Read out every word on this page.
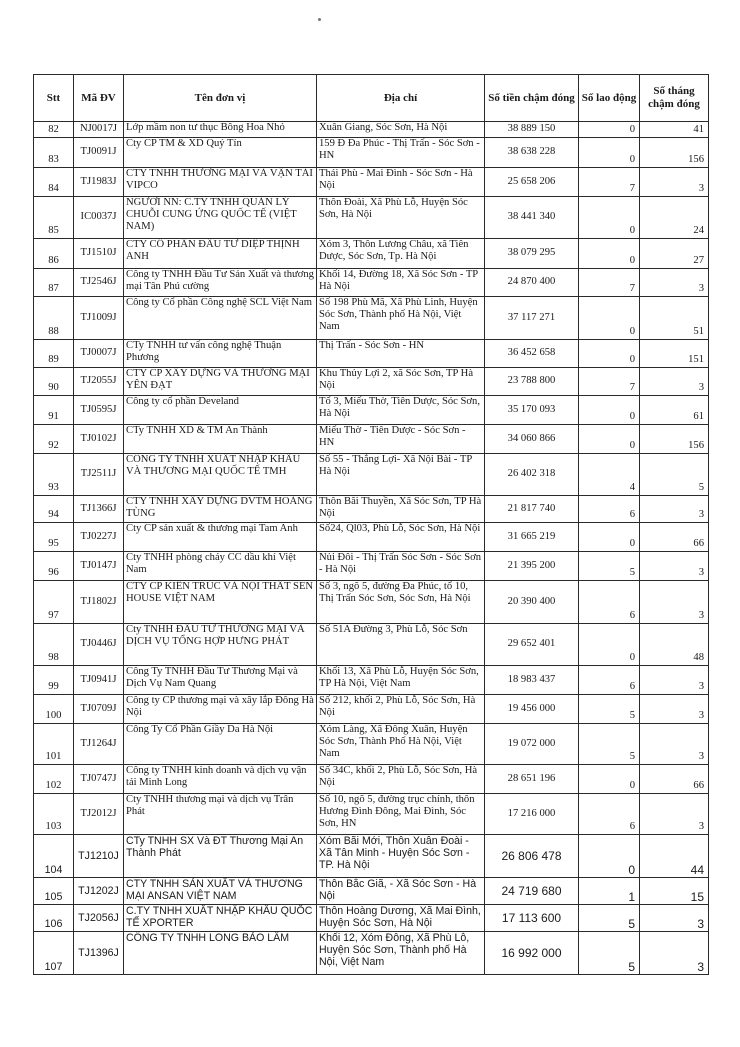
Stt	Mã ĐV	Tên đơn vị	Địa chỉ	Số tiền chậm đóng	Số lao động	Số tháng chậm đóng
82	NJ0017J	Lớp mầm non tư thục Bông Hoa Nhỏ	Xuân Giang, Sóc Sơn, Hà Nội	38 889 150	0	41
83	TJ0091J	Cty CP TM & XD Quý Tín	159 Đ Đa Phúc - Thị Trấn - Sóc Sơn - HN	38 638 228	0	156
84	TJ1983J	CTY TNHH THƯƠNG MẠI VÀ VẬN TẢI VIPCO	Thái Phù - Mai Đình - Sóc Sơn - Hà Nội	25 658 206	7	3
85	IC0037J	NGƯỜI NN: C.TY TNHH QUẢN LÝ CHUỖI CUNG ỨNG QUỐC TẾ (VIỆT NAM)	Thôn Đoài, Xã Phù Lỗ, Huyện Sóc Sơn, Hà Nội	38 441 340	0	24
86	TJ1510J	CTY CỔ PHẦN ĐẦU TƯ DIỆP THỊNH ANH	Xóm 3, Thôn Lương Châu, xã Tiên Dược, Sóc Sơn, Tp. Hà Nội	38 079 295	0	27
87	TJ2546J	Công ty TNHH Đầu Tư Sản Xuất và thương mại Tân Phú cường	Khối 14, Đường 18, Xã Sóc Sơn - TP Hà Nội	24 870 400	7	3
88	TJ1009J	Công ty Cổ phần Công nghệ SCL Việt Nam	Số 198 Phù Mã, Xã Phù Linh, Huyện Sóc Sơn, Thành phố Hà Nội, Việt Nam	37 117 271	0	51
89	TJ0007J	CTy TNHH tư vấn công nghệ Thuận Phương	Thị Trấn - Sóc Sơn - HN	36 452 658	0	151
90	TJ2055J	CTY CP XÂY DỰNG VÀ THƯƠNG MẠI YÊN ĐẠT	Khu Thủy Lợi 2, xã Sóc Sơn, TP Hà Nội	23 788 800	7	3
91	TJ0595J	Công ty cổ phần Develand	Tổ 3, Miếu Thờ, Tiên Dược, Sóc Sơn, Hà Nội	35 170 093	0	61
92	TJ0102J	CTy TNHH XD & TM An Thành	Miếu Thờ - Tiên Dược - Sóc Sơn - HN	34 060 866	0	156
93	TJ2511J	CÔNG TY TNHH XUẤT NHẬP KHẨU VÀ THƯƠNG MẠI QUỐC TẾ TMH	Số 55 - Thắng Lợi- Xã Nội Bài - TP Hà Nội	26 402 318	4	5
94	TJ1366J	CTY TNHH XÂY DỰNG DVTM HOÀNG TÙNG	Thôn Bãi Thuyền, Xã Sóc Sơn, TP Hà Nội	21 817 740	6	3
95	TJ0227J	Cty CP sản xuất & thương mại Tam Anh	Số24, Ql03, Phù Lỗ, Sóc Sơn, Hà Nội	31 665 219	0	66
96	TJ0147J	Cty TNHH phòng cháy CC dầu khí Việt Nam	Nủi Đôi - Thị Trấn Sóc Sơn - Sóc Sơn - Hà Nội	21 395 200	5	3
97	TJ1802J	CTY CP KIẾN TRÚC VÀ NỘI THẤT SEN HOUSE VIỆT NAM	Số 3, ngõ 5, đường Đa Phúc, tổ 10, Thị Trấn Sóc Sơn, Sóc Sơn, Hà Nội	20 390 400	6	3
98	TJ0446J	Cty TNHH ĐẦU TƯ THƯƠNG MẠI VÀ DỊCH VỤ TỔNG HỢP HƯNG PHÁT	Số 51A Đường 3, Phù Lỗ, Sóc Sơn	29 652 401	0	48
99	TJ0941J	Công Ty TNHH Đầu Tư Thương Mại và Dịch Vụ Nam Quang	Khối 13, Xã Phù Lỗ, Huyện Sóc Sơn, TP Hà Nội, Việt Nam	18 983 437	6	3
100	TJ0709J	Công ty CP thương mại và xây lắp Đông Hà Nội	Số 212, khối 2, Phù Lỗ, Sóc Sơn, Hà Nội	19 456 000	5	3
101	TJ1264J	Công Ty Cổ Phần Giầy Da Hà Nội	Xóm Làng, Xã Đông Xuân, Huyện Sóc Sơn, Thành Phố Hà Nội, Việt Nam	19 072 000	5	3
102	TJ0747J	Công ty TNHH kinh doanh và dịch vụ vận tải Minh Long	Số 34C, khối 2, Phù Lỗ, Sóc Sơn, Hà Nội	28 651 196	0	66
103	TJ2012J	Cty TNHH thương mại và dịch vụ Trân Phát	Số 10, ngõ 5, đường trục chính, thôn Hương Đình Đông, Mai Đình, Sóc Sơn, HN	17 216 000	6	3
104	TJ1210J	CTy TNHH SX Và ĐT Thương Mại An Thành Phát	Xóm Bãi Mới, Thôn Xuân Đoài - Xã Tân Minh - Huyện Sóc Sơn - TP. Hà Nội	26 806 478	0	44
105	TJ1202J	CTY TNHH SẢN XUẤT VÀ THƯƠNG MẠI ANSAN VIỆT NAM	Thôn Bắc Giã, - Xã Sóc Sơn - Hà Nội	24 719 680	1	15
106	TJ2056J	C.TY TNHH XUẤT NHẬP KHẨU QUỐC TẾ XPORTER	Thôn Hoàng Dương, Xã Mai Đình, Huyện Sóc Sơn, Hà Nội	17 113 600	5	3
107	TJ1396J	CÔNG TY TNHH LONG BẢO LÂM	Khối 12, Xóm Đông, Xã Phù Lỗ, Huyện Sóc Sơn, Thành phố Hà Nội, Việt Nam	16 992 000	5	3
